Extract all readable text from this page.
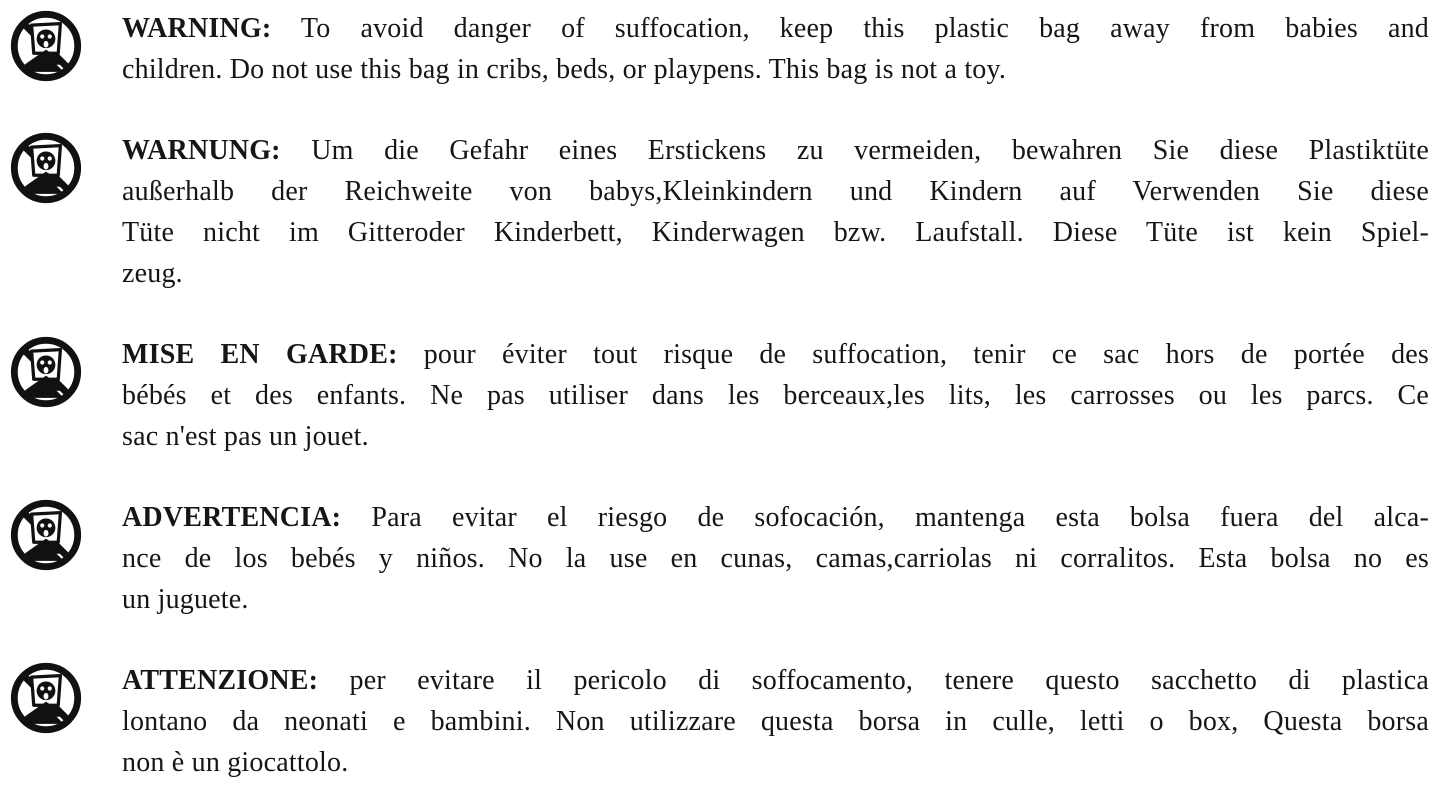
WARNING: To avoid danger of suffocation, keep this plastic bag away from babies and
children. Do not use this bag in cribs, beds, or playpens. This bag is not a toy.
WARNUNG: Um die Gefahr eines Erstickens zu vermeiden, bewahren Sie diese Plastiktüte
außerhalb der Reichweite von babys,Kleinkindern und Kindern auf Verwenden Sie diese
Tüte nicht im Gitteroder Kinderbett, Kinderwagen bzw. Laufstall. Diese Tüte ist kein Spiel-
zeug.
MISE EN GARDE: pour éviter tout risque de suffocation, tenir ce sac hors de portée des
bébés et des enfants. Ne pas utiliser dans les berceaux,les lits, les carrosses ou les parcs. Ce
sac n'est pas un jouet.
ADVERTENCIA: Para evitar el riesgo de sofocación, mantenga esta bolsa fuera del alca-
nce de los bebés y niños. No la use en cunas, camas,carriolas ni corralitos. Esta bolsa no es
un juguete.
ATTENZIONE: per evitare il pericolo di soffocamento, tenere questo sacchetto di plastica
lontano da neonati e bambini. Non utilizzare questa borsa in culle, letti o box, Questa borsa
non è un giocattolo.
